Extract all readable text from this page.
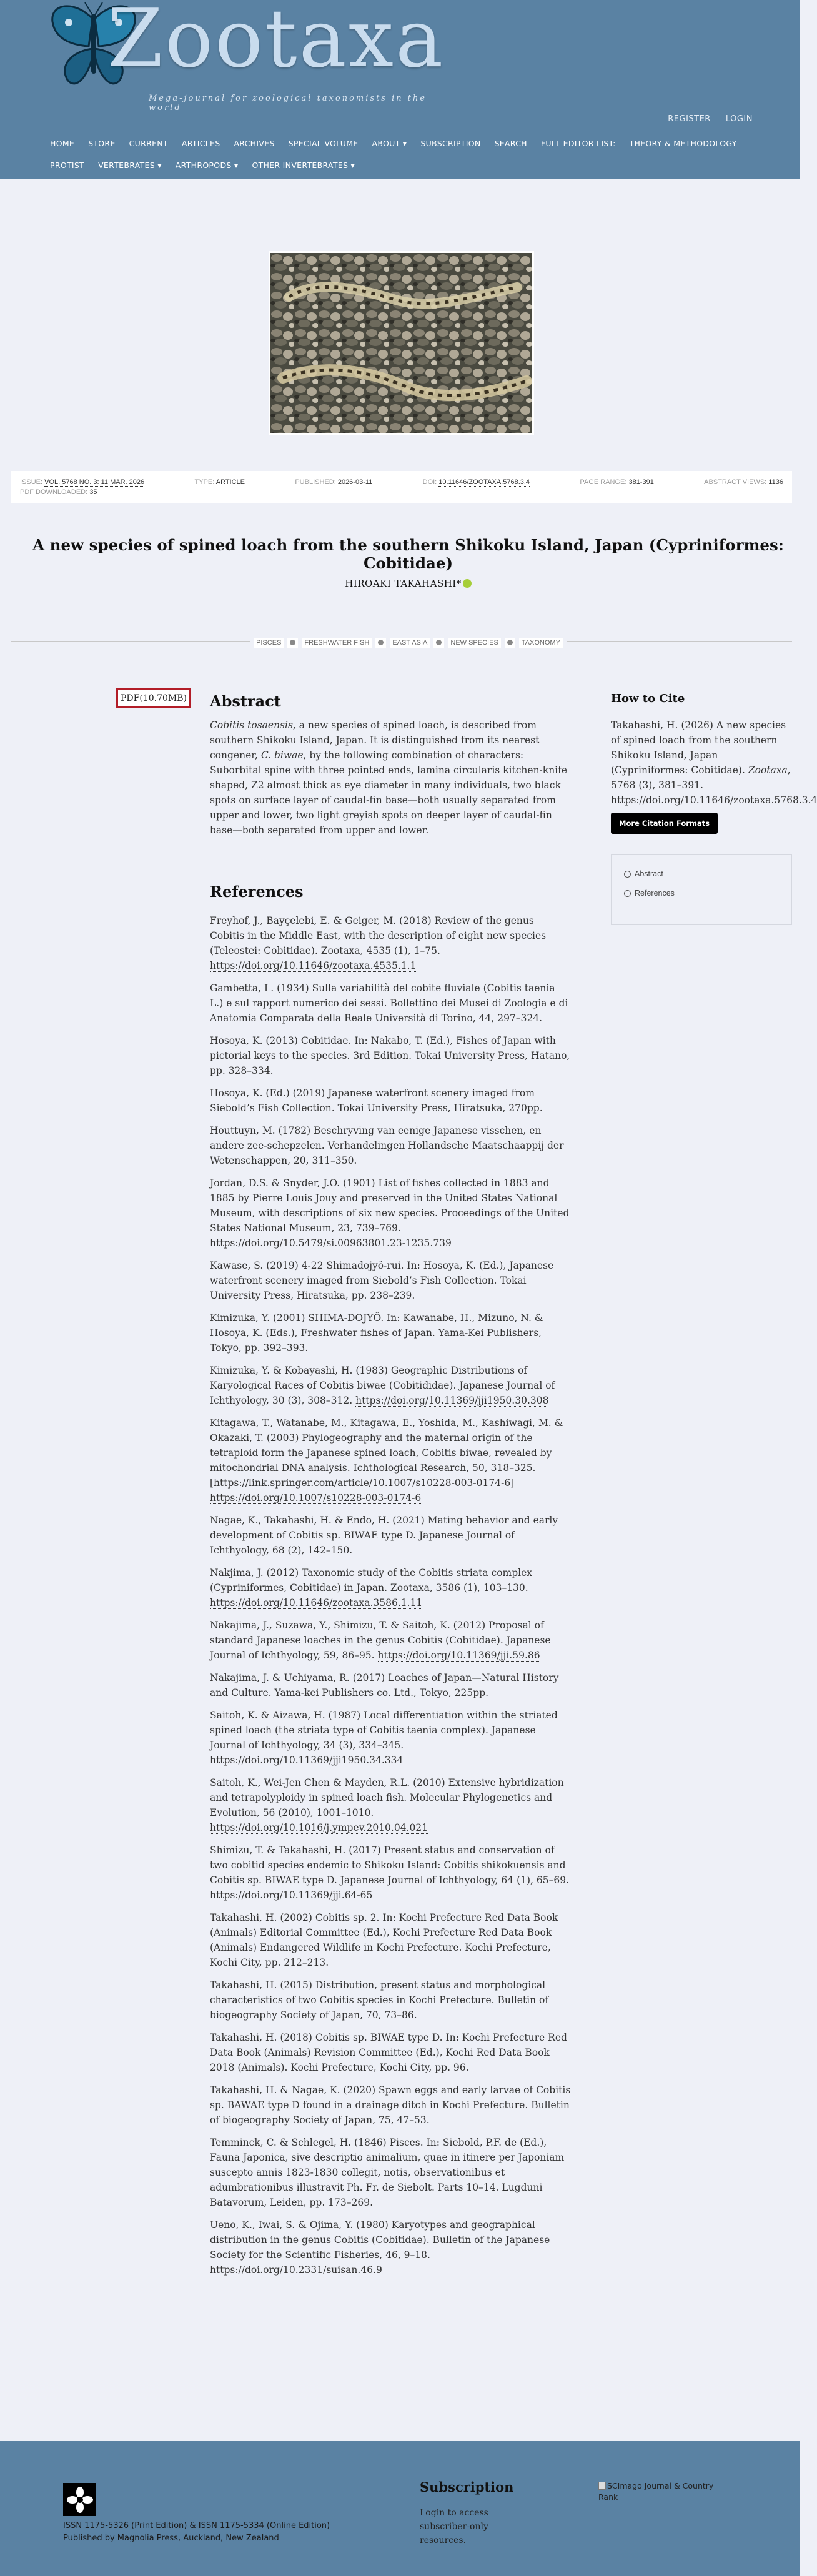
Zootaxa
Mega-journal for zoological taxonomists in the world
REGISTER LOGIN
HOME STORE CURRENT ARTICLES ARCHIVES SPECIAL VOLUME ABOUT ▾ SUBSCRIPTION SEARCH FULL EDITOR LIST: THEORY & METHODOLOGY
PROTIST VERTEBRATES ▾ ARTHROPODS ▾ OTHER INVERTEBRATES ▾
ISSUE: VOL. 5768 NO. 3: 11 MAR. 2026	TYPE: ARTICLE	PUBLISHED: 2026-03-11	DOI: 10.11646/ZOOTAXA.5768.3.4	PAGE RANGE: 381-391	ABSTRACT VIEWS: 1136
PDF DOWNLOADED: 35
A new species of spined loach from the southern Shikoku Island, Japan (Cypriniformes: Cobitidae)
HIROAKI TAKAHASHI*
PISCES	FRESHWATER FISH	EAST ASIA	NEW SPECIES	TAXONOMY
PDF(10.70MB) Abstract

Cobitis tosaensis, a new species of spined loach, is described from southern Shikoku Island, Japan. It is distinguished from its nearest congener, C. biwae, by the following combination of characters: Suborbital spine with three pointed ends, lamina circularis kitchen-knife shaped, Z2 almost thick as eye diameter in many individuals, two black spots on surface layer of caudal-fin base—both usually separated from upper and lower, two light greyish spots on deeper layer of caudal-fin base—both separated from upper and lower.

References
Freyhof, J., Bayçelebi, E. & Geiger, M. (2018) Review of the genus Cobitis in the Middle East, with the description of eight new species (Teleostei: Cobitidae). Zootaxa, 4535 (1), 1–75. https://doi.org/10.11646/zootaxa.4535.1.1
Gambetta, L. (1934) Sulla variabilità del cobite fluviale (Cobitis taenia L.) e sul rapport numerico dei sessi. Bollettino dei Musei di Zoologia e di Anatomia Comparata della Reale Università di Torino, 44, 297–324.
Hosoya, K. (2013) Cobitidae. In: Nakabo, T. (Ed.), Fishes of Japan with pictorial keys to the species. 3rd Edition. Tokai University Press, Hatano, pp. 328–334.
Hosoya, K. (Ed.) (2019) Japanese waterfront scenery imaged from Siebold’s Fish Collection. Tokai University Press, Hiratsuka, 270pp.
Houttuyn, M. (1782) Beschryving van eenige Japanese visschen, en andere zee-schepzelen. Verhandelingen Hollandsche Maatschaappij der Wetenschappen, 20, 311–350.
Jordan, D.S. & Snyder, J.O. (1901) List of fishes collected in 1883 and 1885 by Pierre Louis Jouy and preserved in the United States National Museum, with descriptions of six new species. Proceedings of the United States National Museum, 23, 739–769. https://doi.org/10.5479/si.00963801.23-1235.739
Kawase, S. (2019) 4-22 Shimadojyô-rui. In: Hosoya, K. (Ed.), Japanese waterfront scenery imaged from Siebold’s Fish Collection. Tokai University Press, Hiratsuka, pp. 238–239.
Kimizuka, Y. (2001) SHIMA-DOJYÔ. In: Kawanabe, H., Mizuno, N. & Hosoya, K. (Eds.), Freshwater fishes of Japan. Yama-Kei Publishers, Tokyo, pp. 392–393.
Kimizuka, Y. & Kobayashi, H. (1983) Geographic Distributions of Karyological Races of Cobitis biwae (Cobitididae). Japanese Journal of Ichthyology, 30 (3), 308–312. https://doi.org/10.11369/jji1950.30.308
Kitagawa, T., Watanabe, M., Kitagawa, E., Yoshida, M., Kashiwagi, M. & Okazaki, T. (2003) Phylogeography and the maternal origin of the tetraploid form the Japanese spined loach, Cobitis biwae, revealed by mitochondrial DNA analysis. Ichthological Research, 50, 318–325. [https://link.springer.com/article/10.1007/s10228-003-0174-6] https://doi.org/10.1007/s10228-003-0174-6
Nagae, K., Takahashi, H. & Endo, H. (2021) Mating behavior and early development of Cobitis sp. BIWAE type D. Japanese Journal of Ichthyology, 68 (2), 142–150.
Nakjima, J. (2012) Taxonomic study of the Cobitis striata complex (Cypriniformes, Cobitidae) in Japan. Zootaxa, 3586 (1), 103–130. https://doi.org/10.11646/zootaxa.3586.1.11
Nakajima, J., Suzawa, Y., Shimizu, T. & Saitoh, K. (2012) Proposal of standard Japanese loaches in the genus Cobitis (Cobitidae). Japanese Journal of Ichthyology, 59, 86–95. https://doi.org/10.11369/jji.59.86
Nakajima, J. & Uchiyama, R. (2017) Loaches of Japan—Natural History and Culture. Yama-kei Publishers co. Ltd., Tokyo, 225pp.
Saitoh, K. & Aizawa, H. (1987) Local differentiation within the striated spined loach (the striata type of Cobitis taenia complex). Japanese Journal of Ichthyology, 34 (3), 334–345. https://doi.org/10.11369/jji1950.34.334
Saitoh, K., Wei-Jen Chen & Mayden, R.L. (2010) Extensive hybridization and tetrapolyploidy in spined loach fish. Molecular Phylogenetics and Evolution, 56 (2010), 1001–1010. https://doi.org/10.1016/j.ympev.2010.04.021
Shimizu, T. & Takahashi, H. (2017) Present status and conservation of two cobitid species endemic to Shikoku Island: Cobitis shikokuensis and Cobitis sp. BIWAE type D. Japanese Journal of Ichthyology, 64 (1), 65–69. https://doi.org/10.11369/jji.64-65
Takahashi, H. (2002) Cobitis sp. 2. In: Kochi Prefecture Red Data Book (Animals) Editorial Committee (Ed.), Kochi Prefecture Red Data Book (Animals) Endangered Wildlife in Kochi Prefecture. Kochi Prefecture, Kochi City, pp. 212–213.
Takahashi, H. (2015) Distribution, present status and morphological characteristics of two Cobitis species in Kochi Prefecture. Bulletin of biogeography Society of Japan, 70, 73–86.
Takahashi, H. (2018) Cobitis sp. BIWAE type D. In: Kochi Prefecture Red Data Book (Animals) Revision Committee (Ed.), Kochi Red Data Book 2018 (Animals). Kochi Prefecture, Kochi City, pp. 96.
Takahashi, H. & Nagae, K. (2020) Spawn eggs and early larvae of Cobitis sp. BAWAE type D found in a drainage ditch in Kochi Prefecture. Bulletin of biogeography Society of Japan, 75, 47–53.
Temminck, C. & Schlegel, H. (1846) Pisces. In: Siebold, P.F. de (Ed.), Fauna Japonica, sive descriptio animalium, quae in itinere per Japoniam suscepto annis 1823-1830 collegit, notis, observationibus et adumbrationibus illustravit Ph. Fr. de Siebolt. Parts 10–14. Lugduni Batavorum, Leiden, pp. 173–269.
Ueno, K., Iwai, S. & Ojima, Y. (1980) Karyotypes and geographical distribution in the genus Cobitis (Cobitidae). Bulletin of the Japanese Society for the Scientific Fisheries, 46, 9–18. https://doi.org/10.2331/suisan.46.9
How to Cite

Takahashi, H. (2026) A new species of spined loach from the southern Shikoku Island, Japan (Cypriniformes: Cobitidae). Zootaxa, 5768 (3), 381–391. https://doi.org/10.11646/zootaxa.5768.3.4

More Citation Formats
Abstract
References
ISSN 1175-5326 (Print Edition) & ISSN 1175-5334 (Online Edition)
Published by Magnolia Press, Auckland, New Zealand
Subscription

Login to access subscriber-only resources.

SCImago Journal & Country Rank
